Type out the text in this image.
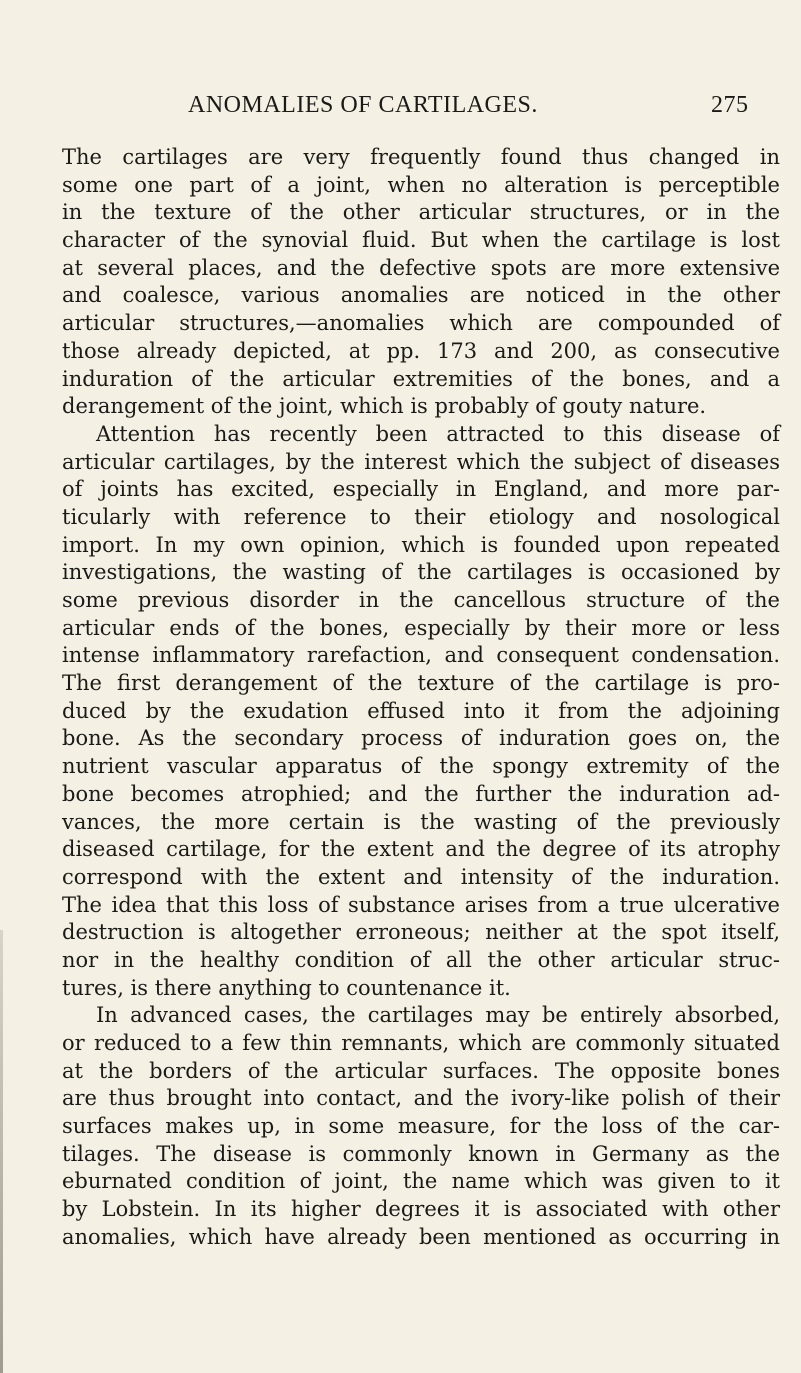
ANOMALIES OF CARTILAGES.	275
The cartilages are very frequently found thus changed in
some one part of a joint, when no alteration is perceptible
in the texture of the other articular structures, or in the
character of the synovial fluid. But when the cartilage is lost
at several places, and the defective spots are more extensive
and coalesce, various anomalies are noticed in the other
articular structures,—anomalies which are compounded of
those already depicted, at pp. 173 and 200, as consecutive
induration of the articular extremities of the bones, and a
derangement of the joint, which is probably of gouty nature.
Attention has recently been attracted to this disease of
articular cartilages, by the interest which the subject of diseases
of joints has excited, especially in England, and more par-
ticularly with reference to their etiology and nosological
import. In my own opinion, which is founded upon repeated
investigations, the wasting of the cartilages is occasioned by
some previous disorder in the cancellous structure of the
articular ends of the bones, especially by their more or less
intense inflammatory rarefaction, and consequent condensation.
The first derangement of the texture of the cartilage is pro-
duced by the exudation effused into it from the adjoining
bone. As the secondary process of induration goes on, the
nutrient vascular apparatus of the spongy extremity of the
bone becomes atrophied; and the further the induration ad-
vances, the more certain is the wasting of the previously
diseased cartilage, for the extent and the degree of its atrophy
correspond with the extent and intensity of the induration.
The idea that this loss of substance arises from a true ulcerative
destruction is altogether erroneous; neither at the spot itself,
nor in the healthy condition of all the other articular struc-
tures, is there anything to countenance it.
In advanced cases, the cartilages may be entirely absorbed,
or reduced to a few thin remnants, which are commonly situated
at the borders of the articular surfaces. The opposite bones
are thus brought into contact, and the ivory-like polish of their
surfaces makes up, in some measure, for the loss of the car-
tilages. The disease is commonly known in Germany as the
eburnated condition of joint, the name which was given to it
by Lobstein. In its higher degrees it is associated with other
anomalies, which have already been mentioned as occurring in
